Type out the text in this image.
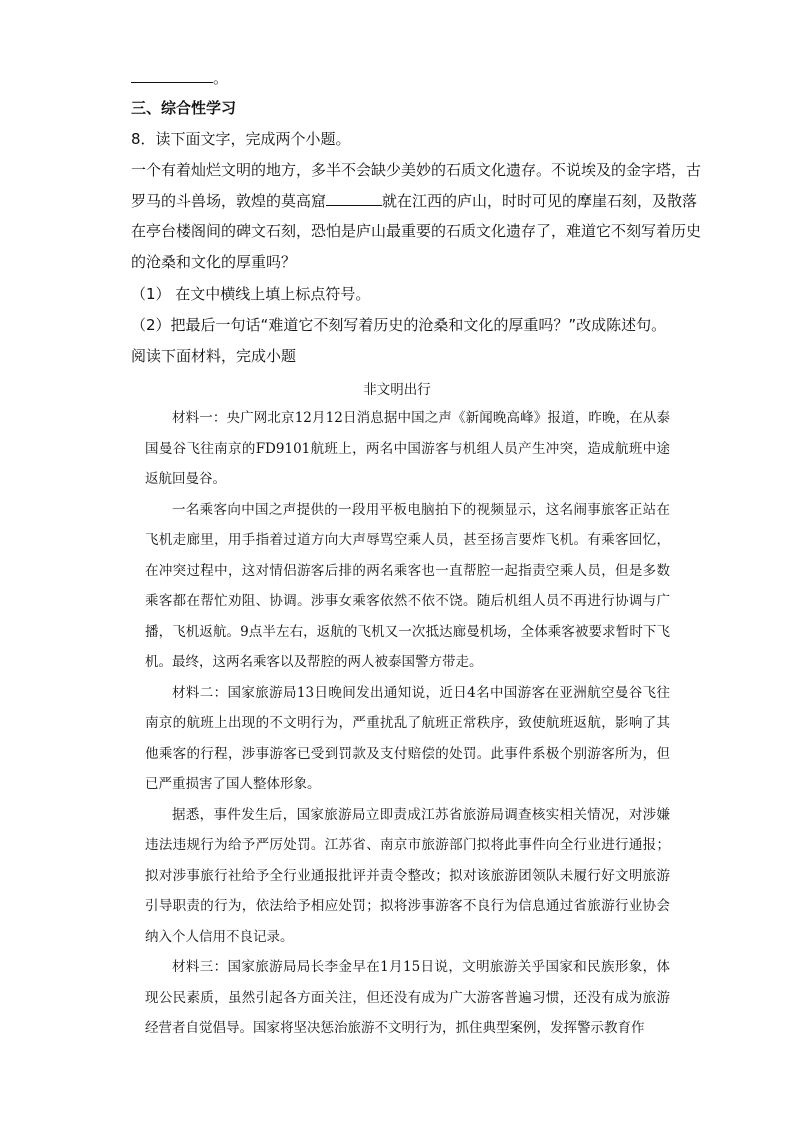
。
三、综合性学习
8．读下面文字，完成两个小题。
一个有着灿烂文明的地方，多半不会缺少美妙的石质文化遗存。不说埃及的金字塔，古
罗马的斗兽场，敦煌的莫高窟	就在江西的庐山，时时可见的摩崖石刻，及散落
在亭台楼阁间的碑文石刻，恐怕是庐山最重要的石质文化遗存了，难道它不刻写着历史
的沧桑和文化的厚重吗？
（1） 在文中横线上填上标点符号。
（2）把最后一句话“难道它不刻写着历史的沧桑和文化的厚重吗？”改成陈述句。
阅读下面材料，完成小题
非文明出行

材料一：央广网北京12月12日消息据中国之声《新闻晚高峰》报道，昨晚，在从泰国曼谷飞往南京的FD9101航班上，两名中国游客与机组人员产生冲突，造成航班中途返航回曼谷。

一名乘客向中国之声提供的一段用平板电脑拍下的视频显示，这名闹事旅客正站在飞机走廊里，用手指着过道方向大声辱骂空乘人员，甚至扬言要炸飞机。有乘客回忆，在冲突过程中，这对情侣游客后排的两名乘客也一直帮腔一起指责空乘人员，但是多数乘客都在帮忙劝阻、协调。涉事女乘客依然不依不饶。随后机组人员不再进行协调与广播，飞机返航。9点半左右，返航的飞机又一次抵达廊曼机场，全体乘客被要求暂时下飞机。最终，这两名乘客以及帮腔的两人被泰国警方带走。

材料二：国家旅游局13日晚间发出通知说，近日4名中国游客在亚洲航空曼谷飞往南京的航班上出现的不文明行为，严重扰乱了航班正常秩序，致使航班返航，影响了其他乘客的行程，涉事游客已受到罚款及支付赔偿的处罚。此事件系极个别游客所为，但已严重损害了国人整体形象。

据悉，事件发生后，国家旅游局立即责成江苏省旅游局调查核实相关情况，对涉嫌违法违规行为给予严厉处罚。江苏省、南京市旅游部门拟将此事件向全行业进行通报；拟对涉事旅行社给予全行业通报批评并责令整改；拟对该旅游团领队未履行好文明旅游引导职责的行为，依法给予相应处罚；拟将涉事游客不良行为信息通过省旅游行业协会纳入个人信用不良记录。

材料三：国家旅游局局长李金早在1月15日说，文明旅游关乎国家和民族形象，体现公民素质，虽然引起各方面关注，但还没有成为广大游客普遍习惯，还没有成为旅游经营者自觉倡导。国家将坚决惩治旅游不文明行为，抓住典型案例，发挥警示教育作
